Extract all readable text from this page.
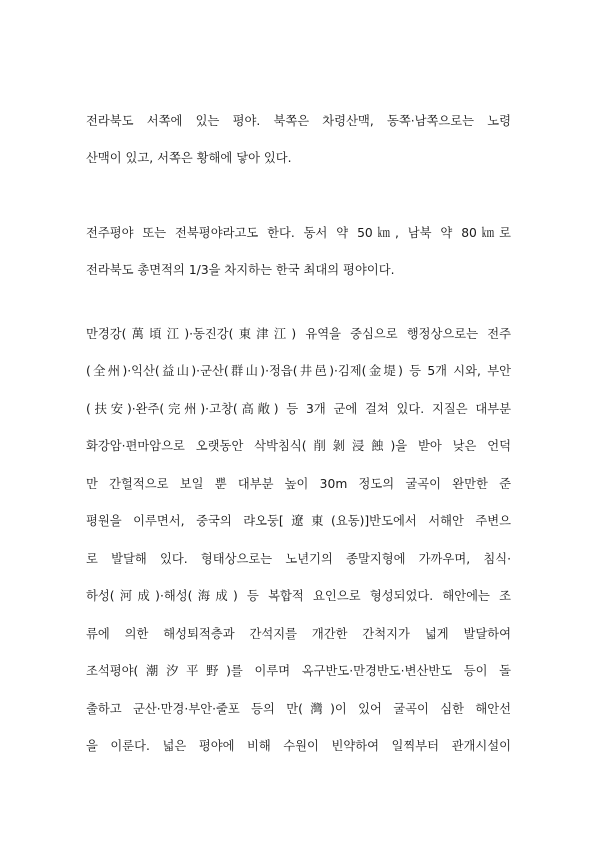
전라북도 서쪽에 있는 평야. 북쪽은 차령산맥, 동쪽·남쪽으로는 노령
산맥이 있고, 서쪽은 황해에 닿아 있다.
전주평야 또는 전북평야라고도 한다. 동서 약 50㎞, 남북 약 80㎞로
전라북도 총면적의 1/3을 차지하는 한국 최대의 평야이다.
만경강(萬頃江)·동진강(東津江) 유역을 중심으로 행정상으로는 전주
(全州)·익산(益山)·군산(群山)·정읍(井邑)·김제(金堤) 등 5개 시와, 부안
(扶安)·완주(完州)·고창(高敞) 등 3개 군에 걸쳐 있다. 지질은 대부분
화강암·편마암으로 오랫동안 삭박침식(削剝浸蝕)을 받아 낮은 언덕
만 간헐적으로 보일 뿐 대부분 높이 30m 정도의 굴곡이 완만한 준
평원을 이루면서, 중국의 랴오둥[遼東(요동)]반도에서 서해안 주변으
로 발달해 있다. 형태상으로는 노년기의 종말지형에 가까우며, 침식·
하성(河成)·해성(海成) 등 복합적 요인으로 형성되었다. 해안에는 조
류에 의한 해성퇴적층과 간석지를 개간한 간척지가 넓게 발달하여
조석평야(潮汐平野)를 이루며 옥구반도·만경반도·변산반도 등이 돌
출하고 군산·만경·부안·줄포 등의 만(灣)이 있어 굴곡이 심한 해안선
을 이룬다. 넓은 평야에 비해 수원이 빈약하여 일찍부터 관개시설이
